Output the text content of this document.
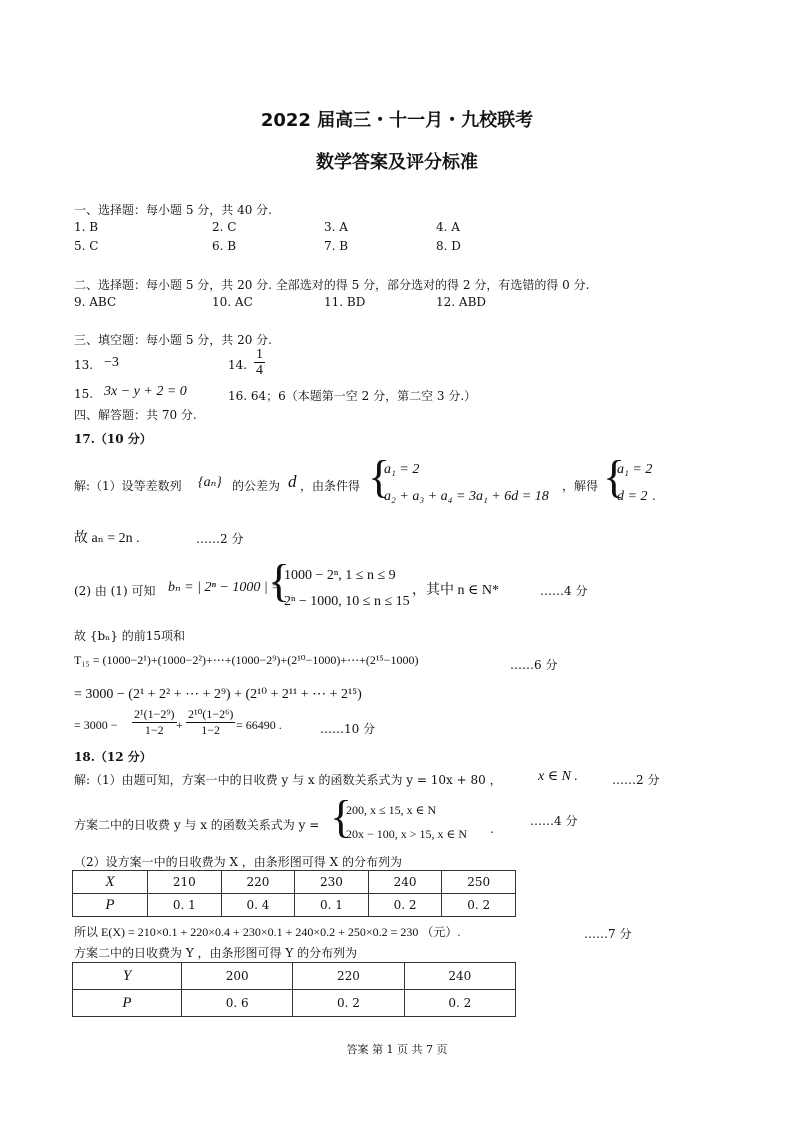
2022 届高三・十一月・九校联考
数学答案及评分标准
一、选择题：每小题 5 分，共 40 分.
1. B	2. C	3. A	4. A
5. C	6. B	7. B	8. D
二、选择题：每小题 5 分，共 20 分. 全部选对的得 5 分，部分选对的得 2 分，有选错的得 0 分.
9. ABC	10. AC	11. BD	12. ABD
三、填空题：每小题 5 分，共 20 分.
13. −3	14. $\frac{1}{4}$
15. 3x − y + 2 = 0	16. 64；6（本题第一空 2 分，第二空 3 分.）
四、解答题：共 70 分.
17.（10 分）
解:（1）设等差数列 {aₙ} 的公差为 d ，由条件得 {
a₁ = 2
a₂ + a₃ + a₄ = 3a₁ + 6d = 18
，解得 {
a₁ = 2
d = 2 .
故 aₙ = 2n .	……2 分
(2) 由 (1) 可知 bₙ = | 2ⁿ − 1000 | =
{
1000 − 2ⁿ, 1 ≤ n ≤ 9
2ⁿ − 1000, 10 ≤ n ≤ 15
，其中 n ∈ N*	……4 分
故 {bₙ} 的前15项和
T₁₅ = (1000−2¹)+(1000−2²)+⋯+(1000−2⁹)+(2¹⁰−1000)+⋯+(2¹⁵−1000)	……6 分
= 3000 − (2¹ + 2² + ⋯ + 2⁹) + (2¹⁰ + 2¹¹ + ⋯ + 2¹⁵)
= $3000 - \frac{\text{2¹(1−2⁹)}}{1-2} + \frac{\text{2¹⁰(1−2⁶)}}{1-2} = 66490$ .	……10 分
18.（12 分）
解:（1）由题可知，方案一中的日收费 y 与 x 的函数关系式为 y = 10x + 80 ，	x ∈ N .	……2 分
方案二中的日收费 y 与 x 的函数关系式为 y = {
200, x ≤ 15, x ∈ N
20x − 100, x > 15, x ∈ N .
……4 分
（2）设方案一中的日收费为 X ，由条形图可得 X 的分布列为
X	210	220	230	240	250
P	0. 1	0. 4	0. 1	0. 2	0. 2
所以 E(X) = 210×0.1 + 220×0.4 + 230×0.1 + 240×0.2 + 250×0.2 = 230 （元）.	……7 分
方案二中的日收费为 Y ，由条形图可得 Y 的分布列为
Y	200	220	240
P	0. 6	0. 2	0. 2
答案 第 1 页 共 7 页
